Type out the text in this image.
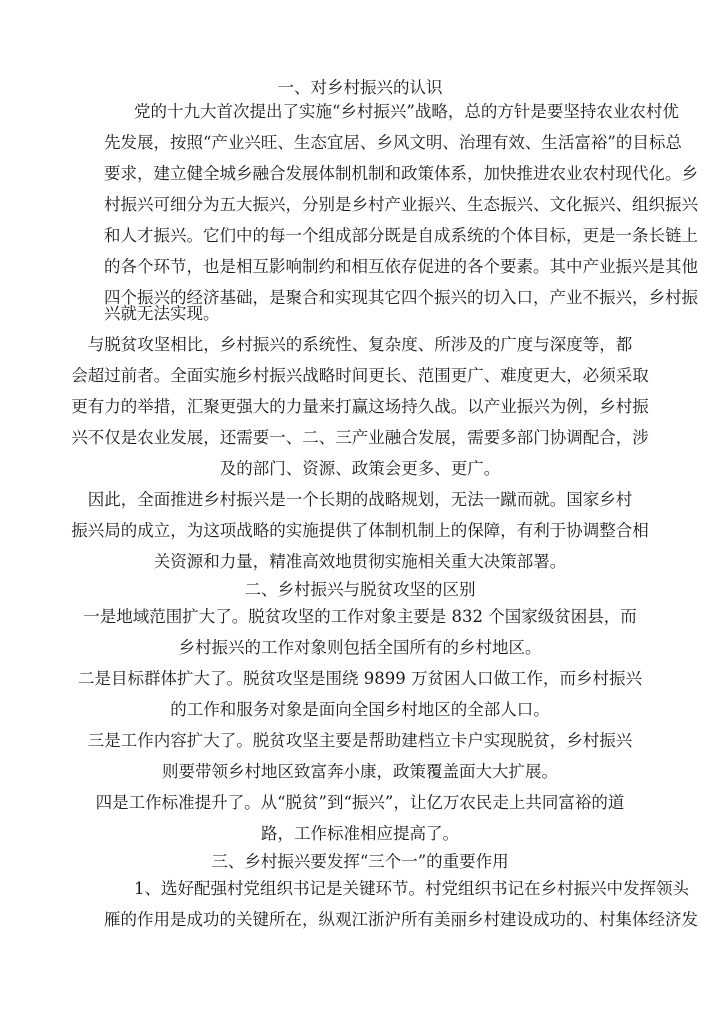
一、对乡村振兴的认识
党的十九大首次提出了实施“乡村振兴”战略，总的方针是要坚持农业农村优
先发展，按照“产业兴旺、生态宜居、乡风文明、治理有效、生活富裕”的目标总
要求，建立健全城乡融合发展体制机制和政策体系，加快推进农业农村现代化。乡
村振兴可细分为五大振兴，分别是乡村产业振兴、生态振兴、文化振兴、组织振兴
和人才振兴。它们中的每一个组成部分既是自成系统的个体目标，更是一条长链上
的各个环节，也是相互影响制约和相互依存促进的各个要素。其中产业振兴是其他
四个振兴的经济基础，是聚合和实现其它四个振兴的切入口，产业不振兴，乡村振
兴就无法实现。
与脱贫攻坚相比，乡村振兴的系统性、复杂度、所涉及的广度与深度等，都
会超过前者。全面实施乡村振兴战略时间更长、范围更广、难度更大，必须采取
更有力的举措，汇聚更强大的力量来打赢这场持久战。以产业振兴为例，乡村振
兴不仅是农业发展，还需要一、二、三产业融合发展，需要多部门协调配合，涉
及的部门、资源、政策会更多、更广。
因此，全面推进乡村振兴是一个长期的战略规划，无法一蹴而就。国家乡村
振兴局的成立，为这项战略的实施提供了体制机制上的保障，有利于协调整合相
关资源和力量，精准高效地贯彻实施相关重大决策部署。
二、乡村振兴与脱贫攻坚的区别
一是地域范围扩大了。脱贫攻坚的工作对象主要是 832 个国家级贫困县，而
乡村振兴的工作对象则包括全国所有的乡村地区。
二是目标群体扩大了。脱贫攻坚是围绕 9899 万贫困人口做工作，而乡村振兴
的工作和服务对象是面向全国乡村地区的全部人口。
三是工作内容扩大了。脱贫攻坚主要是帮助建档立卡户实现脱贫，乡村振兴
则要带领乡村地区致富奔小康，政策覆盖面大大扩展。
四是工作标准提升了。从“脱贫”到“振兴”，让亿万农民走上共同富裕的道
路，工作标准相应提高了。
三、乡村振兴要发挥“三个一”的重要作用
1、选好配强村党组织书记是关键环节。村党组织书记在乡村振兴中发挥领头
雁的作用是成功的关键所在，纵观江浙沪所有美丽乡村建设成功的、村集体经济发
